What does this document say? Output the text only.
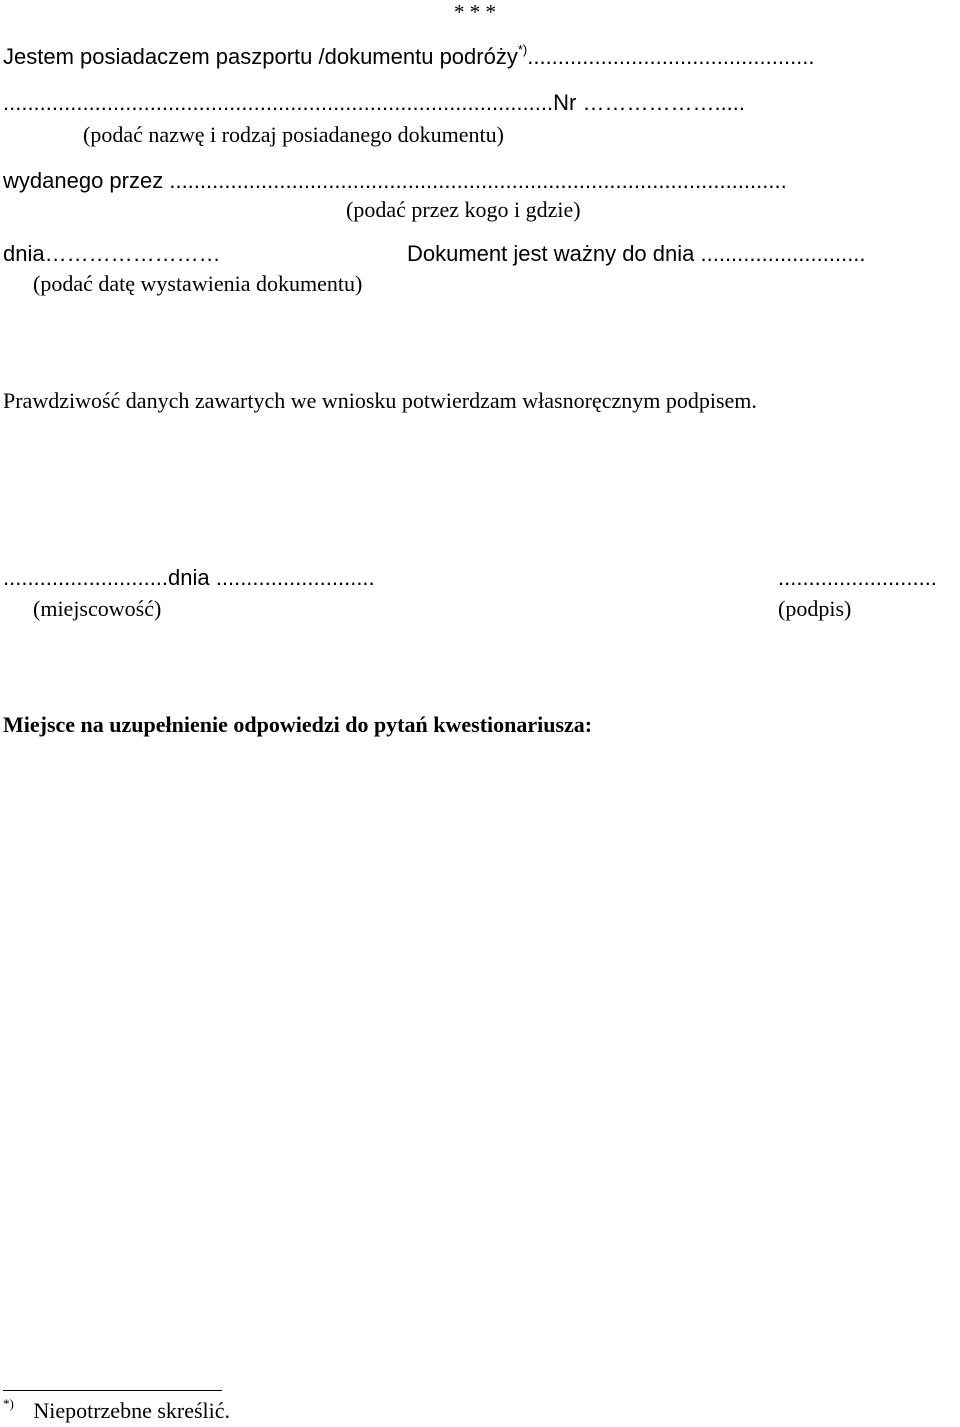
* * *
Jestem posiadaczem paszportu /dokumentu podróży*)...............................................
..........................................................................................Nr ……………….....
(podać nazwę i rodzaj posiadanego dokumentu)
wydanego przez .....................................................................................................
(podać przez kogo i gdzie)
dnia……………………	Dokument jest ważny do dnia ...........................
(podać datę wystawienia dokumentu)
Prawdziwość danych zawartych we wniosku potwierdzam własnoręcznym podpisem.
...........................dnia ..........................
(miejscowość)
..........................
(podpis)
Miejsce na uzupełnienie odpowiedzi do pytań kwestionariusza:
*) Niepotrzebne skreślić.
